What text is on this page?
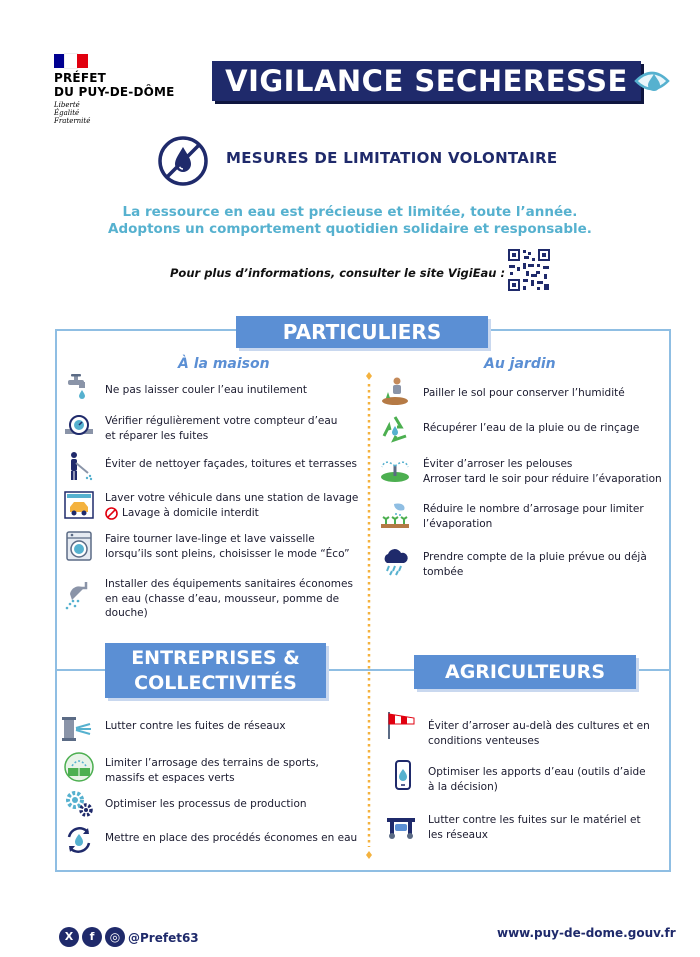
PRÉFET
DU PUY-DE-DÔME
Liberté
Égalité
Fraternité
VIGILANCE SECHERESSE
MESURES DE LIMITATION VOLONTAIRE
La ressource en eau est précieuse et limitée, toute l’année.
Adoptons un comportement quotidien solidaire et responsable.
Pour plus d’informations, consulter le site VigiEau :
PARTICULIERS
À la maison	Au jardin
Ne pas laisser couler l’eau inutilement
Vérifier régulièrement votre compteur d’eau
et réparer les fuites
Éviter de nettoyer façades, toitures et terrasses
Laver votre véhicule dans une station de lavage
Lavage à domicile interdit
Faire tourner lave-linge et lave vaisselle
lorsqu’ils sont pleins, choisisser le mode “Éco”
Installer des équipements sanitaires économes
en eau (chasse d’eau, mousseur, pomme de
douche)
Pailler le sol pour conserver l’humidité
Récupérer l’eau de la pluie ou de rinçage
Éviter d’arroser les pelouses
Arroser tard le soir pour réduire l’évaporation
Réduire le nombre d’arrosage pour limiter
l’évaporation
Prendre compte de la pluie prévue ou déjà
tombée
ENTREPRISES &
COLLECTIVITÉS
Lutter contre les fuites de réseaux
Limiter l’arrosage des terrains de sports,
massifs et espaces verts
Optimiser les processus de production
Mettre en place des procédés économes en eau
AGRICULTEURS
Éviter d’arroser au-delà des cultures et en
conditions venteuses
Optimiser les apports d’eau (outils d’aide
à la décision)
Lutter contre les fuites sur le matériel et
les réseaux
X	f	◎ @Prefet63	www.puy-de-dome.gouv.fr
